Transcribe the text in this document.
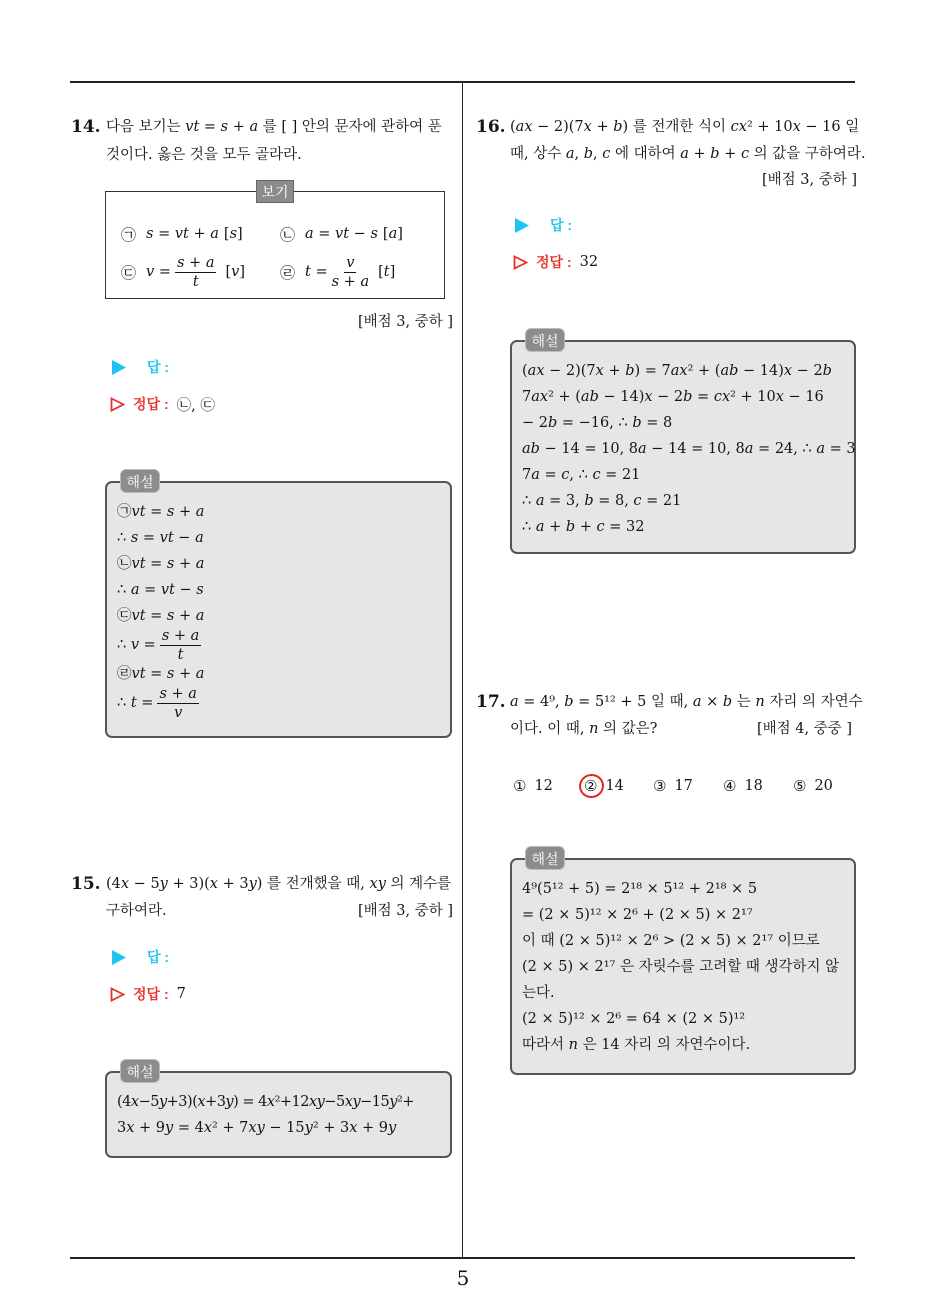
14. 다음 보기는 vt = s + a 를 [ ] 안의 문자에 관하여 푼
것이다. 옳은 것을 모두 골라라.
보기
㉠ s = vt + a [s] ㉡ a = vt − s [a]
㉢ $v = \frac{s + a}{t} [v]$ ㉣ $t = \frac{v}{s + a} [t]$
[배점 3, 중하 ]
답 :
정답 : ㉡, ㉢
㉠vt = s + a
∴ s = vt − a
㉡vt = s + a
∴ a = vt − s
㉢vt = s + a
∴ $v = \frac{s + a}{t}$
㉣vt = s + a
∴ $t = \frac{s + a}{v}$
해설
15. (4x − 5y + 3)(x + 3y) 를 전개했을 때, xy 의 계수를
구하여라.	[배점 3, 중하 ]
답 :
정답 : 7
(4x−5y+3)(x+3y) = 4x²+12xy−5xy−15y²+
3x + 9y = 4x² + 7xy − 15y² + 3x + 9y
해설
16. (ax − 2)(7x + b) 를 전개한 식이 cx² + 10x − 16 일
때, 상수 a, b, c 에 대하여 a + b + c 의 값을 구하여라.
[배점 3, 중하 ]
답 :
정답 : 32
(ax − 2)(7x + b) = 7ax² + (ab − 14)x − 2b
7ax² + (ab − 14)x − 2b = cx² + 10x − 16
− 2b = −16, ∴ b = 8
ab − 14 = 10, 8a − 14 = 10, 8a = 24, ∴ a = 3
7a = c, ∴ c = 21
∴ a = 3, b = 8, c = 21
∴ a + b + c = 32
해설
17. a = 4⁹, b = 5¹² + 5 일 때, a × b 는 n 자리 의 자연수
이다. 이 때, n 의 값은?	[배점 4, 중중 ]
① 12 ② 14 ③ 17 ④ 18 ⑤ 20
4⁹(5¹² + 5) = 2¹⁸ × 5¹² + 2¹⁸ × 5
= (2 × 5)¹² × 2⁶ + (2 × 5) × 2¹⁷
이 때 (2 × 5)¹² × 2⁶ > (2 × 5) × 2¹⁷ 이므로
(2 × 5) × 2¹⁷ 은 자릿수를 고려할 때 생각하지 않
는다.
(2 × 5)¹² × 2⁶ = 64 × (2 × 5)¹²
따라서 n 은 14 자리 의 자연수이다.
해설
5
